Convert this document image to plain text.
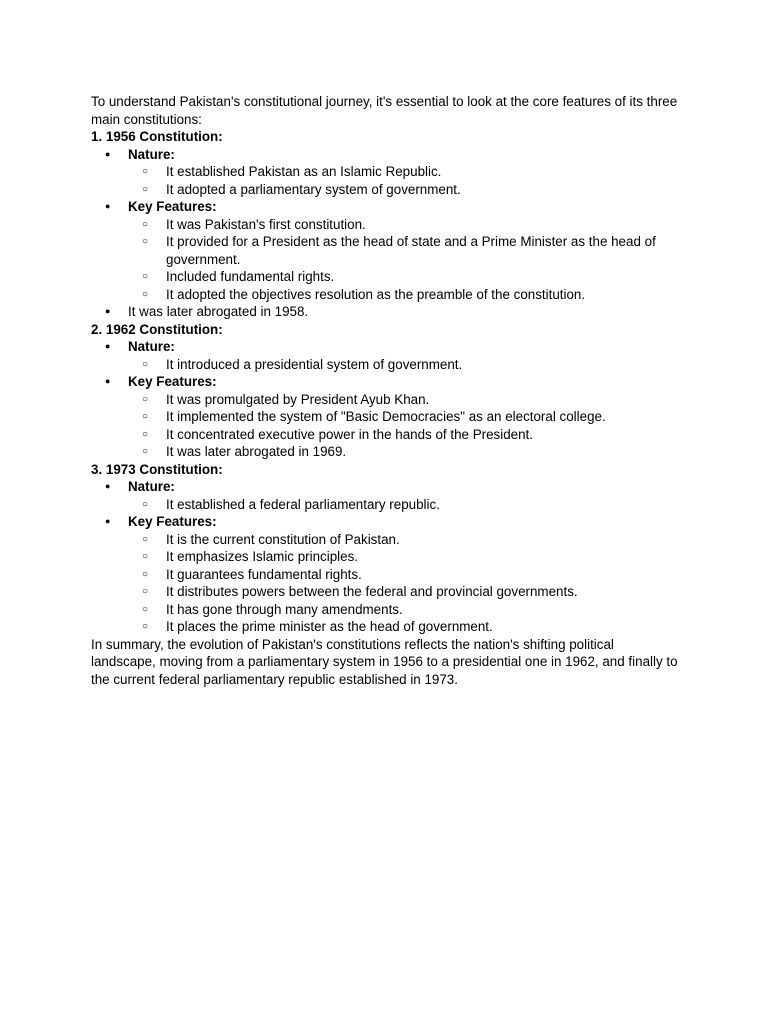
To understand Pakistan's constitutional journey, it's essential to look at the core features of its three main constitutions:

1. 1956 Constitution:

● Nature:
○ It established Pakistan as an Islamic Republic.
○ It adopted a parliamentary system of government.
● Key Features:
○ It was Pakistan's first constitution.
○ It provided for a President as the head of state and a Prime Minister as the head of government.
○ Included fundamental rights.
○ It adopted the objectives resolution as the preamble of the constitution.
● It was later abrogated in 1958.

2. 1962 Constitution:

● Nature:
○ It introduced a presidential system of government.
● Key Features:
○ It was promulgated by President Ayub Khan.
○ It implemented the system of "Basic Democracies" as an electoral college.
○ It concentrated executive power in the hands of the President.
○ It was later abrogated in 1969.

3. 1973 Constitution:

● Nature:
○ It established a federal parliamentary republic.
● Key Features:
○ It is the current constitution of Pakistan.
○ It emphasizes Islamic principles.
○ It guarantees fundamental rights.
○ It distributes powers between the federal and provincial governments.
○ It has gone through many amendments.
○ It places the prime minister as the head of government.

In summary, the evolution of Pakistan's constitutions reflects the nation's shifting political landscape, moving from a parliamentary system in 1956 to a presidential one in 1962, and finally to the current federal parliamentary republic established in 1973.
